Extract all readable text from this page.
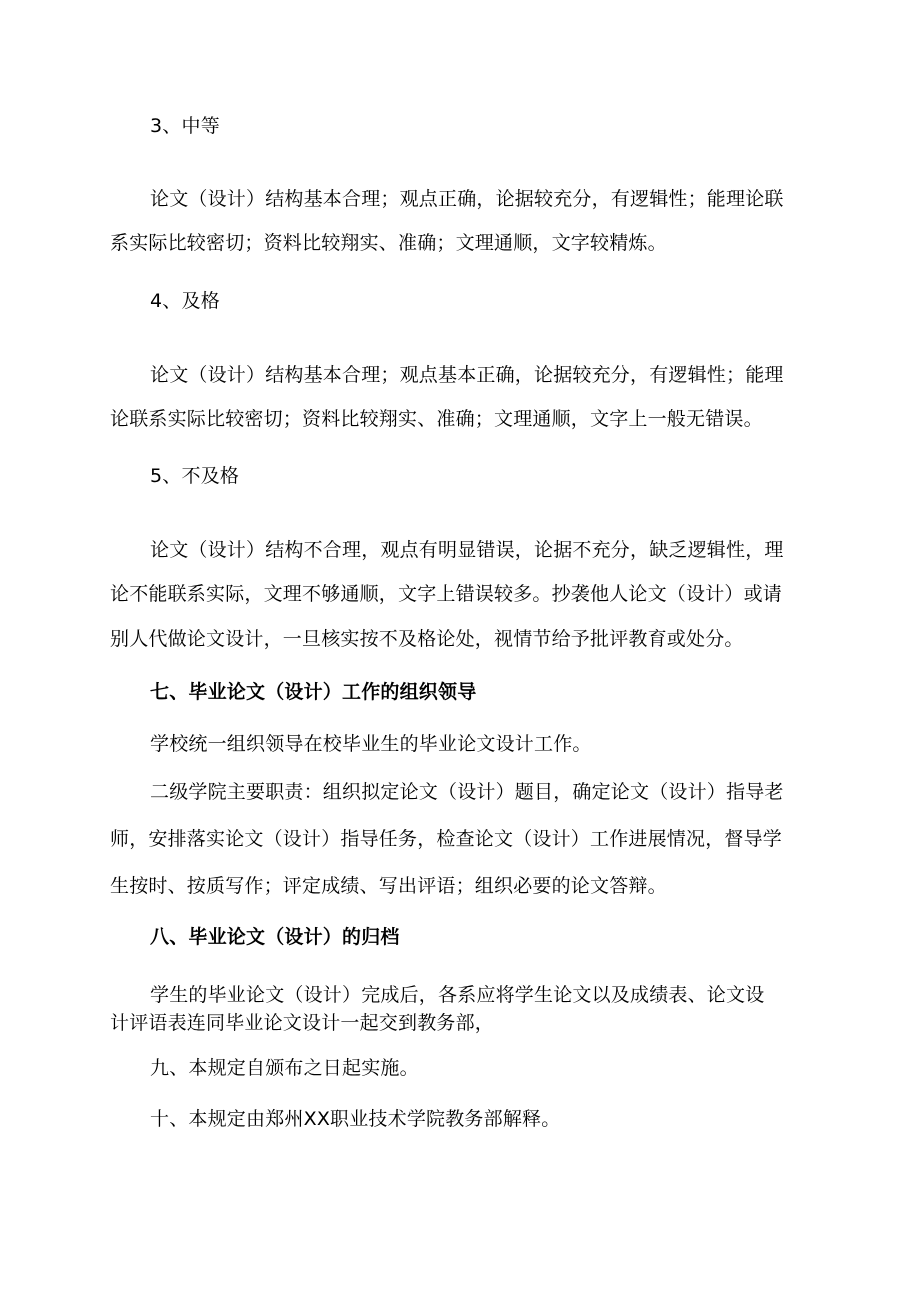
3、中等
论文（设计）结构基本合理；观点正确，论据较充分，有逻辑性；能理论联
系实际比较密切；资料比较翔实、准确；文理通顺，文字较精炼。
4、及格
论文（设计）结构基本合理；观点基本正确，论据较充分，有逻辑性；能理
论联系实际比较密切；资料比较翔实、准确；文理通顺，文字上一般无错误。
5、不及格
论文（设计）结构不合理，观点有明显错误，论据不充分，缺乏逻辑性，理
论不能联系实际，文理不够通顺，文字上错误较多。抄袭他人论文（设计）或请
别人代做论文设计，一旦核实按不及格论处，视情节给予批评教育或处分。
七、毕业论文（设计）工作的组织领导
学校统一组织领导在校毕业生的毕业论文设计工作。
二级学院主要职责：组织拟定论文（设计）题目，确定论文（设计）指导老
师，安排落实论文（设计）指导任务，检查论文（设计）工作进展情况，督导学
生按时、按质写作；评定成绩、写出评语；组织必要的论文答辩。
八、毕业论文（设计）的归档
学生的毕业论文（设计）完成后，各系应将学生论文以及成绩表、论文设
计评语表连同毕业论文设计一起交到教务部，
九、本规定自颁布之日起实施。
十、本规定由郑州XX职业技术学院教务部解释。
